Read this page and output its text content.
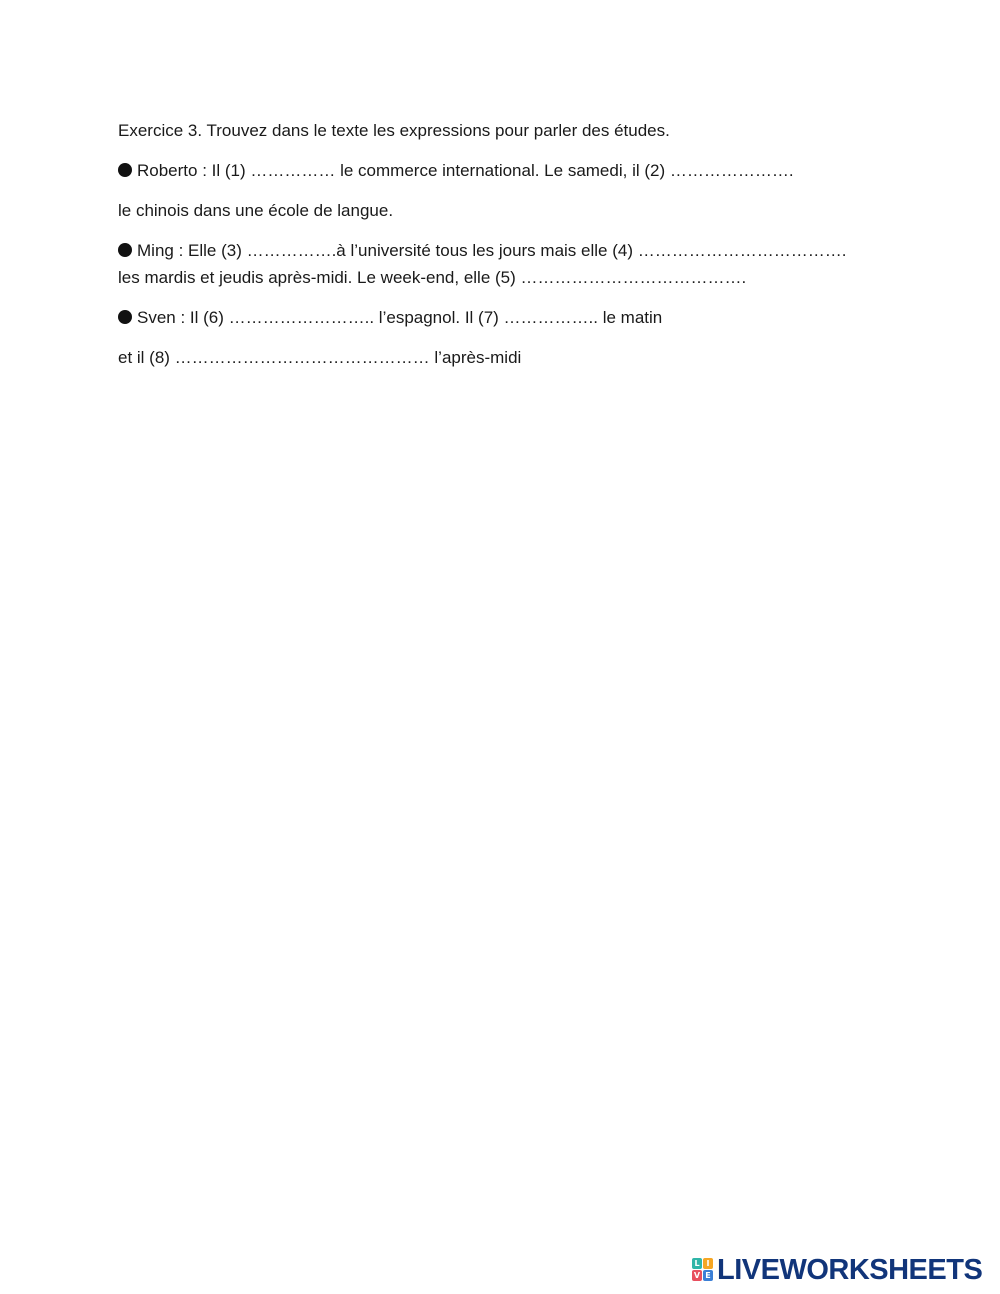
Exercice 3. Trouvez dans le texte les expressions pour parler des études.
Roberto : Il (1) …………… le commerce international. Le samedi, il (2) ………………….
le chinois dans une école de langue.
Ming : Elle (3) …………….à l’université tous les jours mais elle (4) ……………………………….
les mardis et jeudis après-midi. Le week-end, elle (5) ………………………………….
Sven : Il (6) …………………….. l’espagnol. Il (7) …………….. le matin
et il (8) ……………………………………… l’après-midi
L I
V E LIVEWORKSHEETS
